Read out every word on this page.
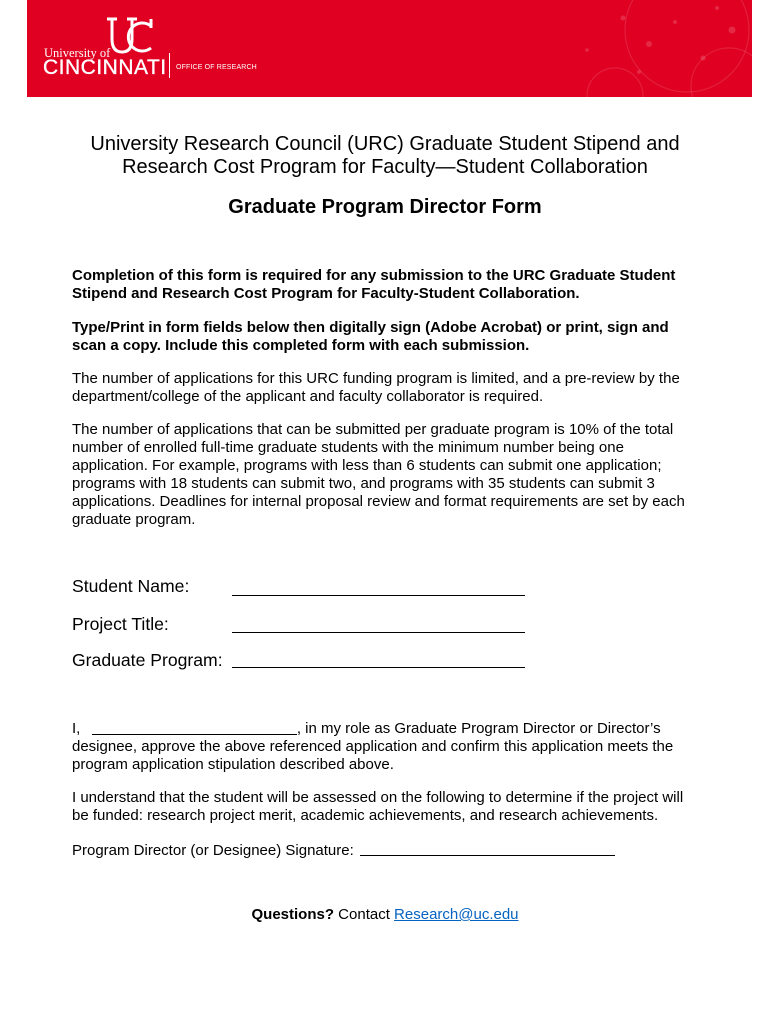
University of
CINCINNATI OFFICE OF RESEARCH
University Research Council (URC) Graduate Student Stipend and
Research Cost Program for Faculty—Student Collaboration
Graduate Program Director Form
Completion of this form is required for any submission to the URC Graduate Student
Stipend and Research Cost Program for Faculty-Student Collaboration.
Type/Print in form fields below then digitally sign (Adobe Acrobat) or print, sign and
scan a copy. Include this completed form with each submission.
The number of applications for this URC funding program is limited, and a pre-review by the
department/college of the applicant and faculty collaborator is required.
The number of applications that can be submitted per graduate program is 10% of the total
number of enrolled full-time graduate students with the minimum number being one
application. For example, programs with less than 6 students can submit one application;
programs with 18 students can submit two, and programs with 35 students can submit 3
applications. Deadlines for internal proposal review and format requirements are set by each
graduate program.
Student Name:
Project Title:
Graduate Program:
I,	, in my role as Graduate Program Director or Director’s
designee, approve the above referenced application and confirm this application meets the
program application stipulation described above.
I understand that the student will be assessed on the following to determine if the project will
be funded: research project merit, academic achievements, and research achievements.
Program Director (or Designee) Signature:
Questions? Contact Research@uc.edu
